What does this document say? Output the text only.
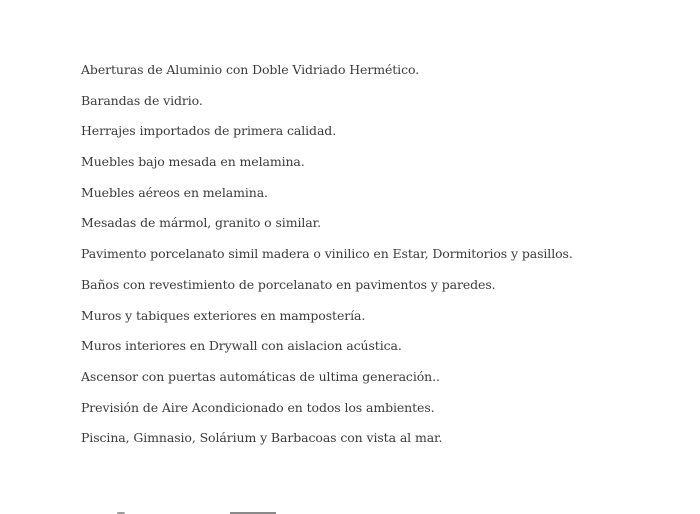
Aberturas de Aluminio con Doble Vidriado Hermético.
Barandas de vidrio.
Herrajes importados de primera calidad.
Muebles bajo mesada en melamina.
Muebles aéreos en melamina.
Mesadas de mármol, granito o similar.
Pavimento porcelanato simil madera o vinilico en Estar, Dormitorios y pasillos.
Baños con revestimiento de porcelanato en pavimentos y paredes.
Muros y tabiques exteriores en mampostería.
Muros interiores en Drywall con aislacion acústica.
Ascensor con puertas automáticas de ultima generación..
Previsión de Aire Acondicionado en todos los ambientes.
Piscina, Gimnasio, Solárium y Barbacoas con vista al mar.
